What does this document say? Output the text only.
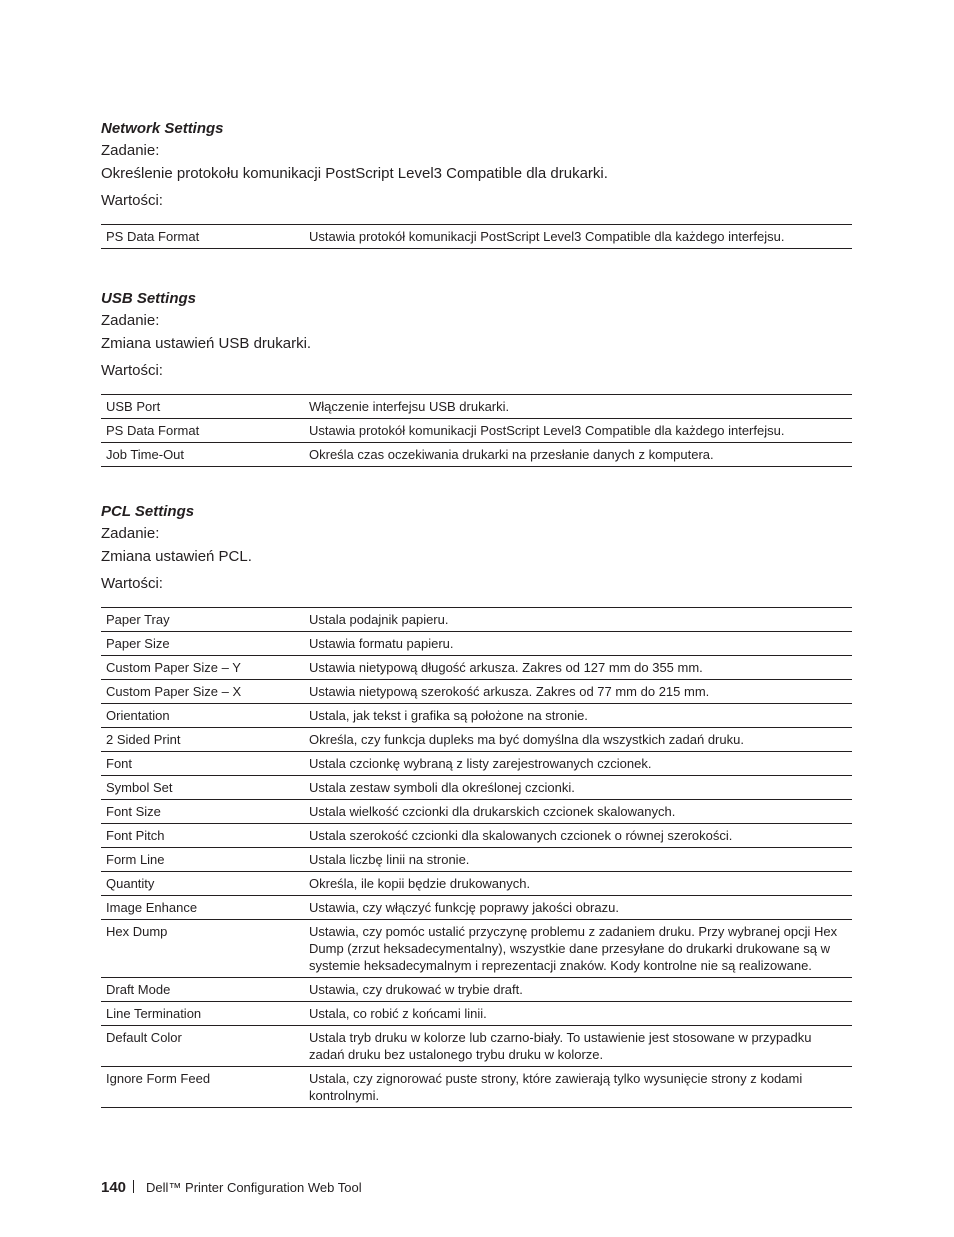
Network Settings

Zadanie:

Określenie protokołu komunikacji PostScript Level3 Compatible dla drukarki.

Wartości:

PS Data Format	Ustawia protokół komunikacji PostScript Level3 Compatible dla każdego interfejsu.

USB Settings

Zadanie:

Zmiana ustawień USB drukarki.

Wartości:

USB Port	Włączenie interfejsu USB drukarki.
PS Data Format	Ustawia protokół komunikacji PostScript Level3 Compatible dla każdego interfejsu.
Job Time-Out	Określa czas oczekiwania drukarki na przesłanie danych z komputera.

PCL Settings

Zadanie:

Zmiana ustawień PCL.

Wartości:

Paper Tray	Ustala podajnik papieru.
Paper Size	Ustawia formatu papieru.
Custom Paper Size – Y	Ustawia nietypową długość arkusza. Zakres od 127 mm do 355 mm.
Custom Paper Size – X	Ustawia nietypową szerokość arkusza. Zakres od 77 mm do 215 mm.
Orientation	Ustala, jak tekst i grafika są położone na stronie.
2 Sided Print	Określa, czy funkcja dupleks ma być domyślna dla wszystkich zadań druku.
Font	Ustala czcionkę wybraną z listy zarejestrowanych czcionek.
Symbol Set	Ustala zestaw symboli dla określonej czcionki.
Font Size	Ustala wielkość czcionki dla drukarskich czcionek skalowanych.
Font Pitch	Ustala szerokość czcionki dla skalowanych czcionek o równej szerokości.
Form Line	Ustala liczbę linii na stronie.
Quantity	Określa, ile kopii będzie drukowanych.
Image Enhance	Ustawia, czy włączyć funkcję poprawy jakości obrazu.
Hex Dump	Ustawia, czy pomóc ustalić przyczynę problemu z zadaniem druku. Przy wybranej opcji Hex Dump (zrzut heksadecymentalny), wszystkie dane przesyłane do drukarki drukowane są w systemie heksadecymalnym i reprezentacji znaków. Kody kontrolne nie są realizowane.
Draft Mode	Ustawia, czy drukować w trybie draft.
Line Termination	Ustala, co robić z końcami linii.
Default Color	Ustala tryb druku w kolorze lub czarno-biały. To ustawienie jest stosowane w przypadku zadań druku bez ustalonego trybu druku w kolorze.
Ignore Form Feed	Ustala, czy zignorować puste strony, które zawierają tylko wysunięcie strony z kodami kontrolnymi.
140 Dell™ Printer Configuration Web Tool
